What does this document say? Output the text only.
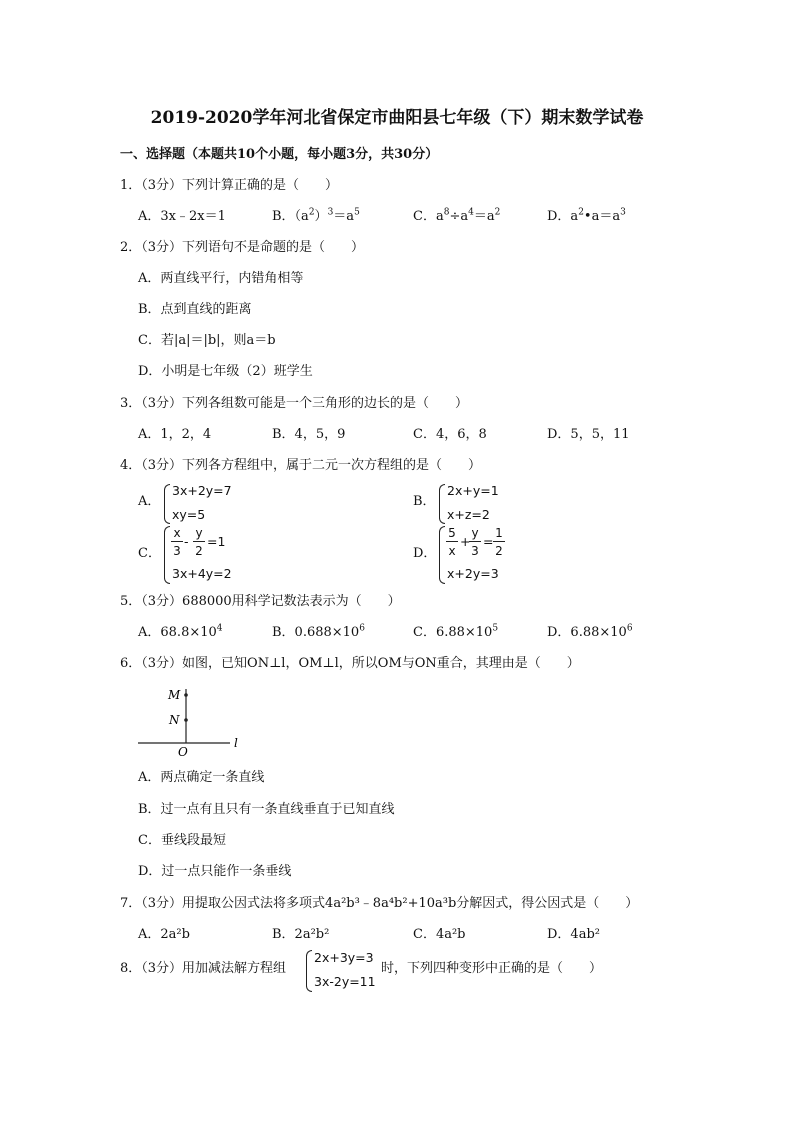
2019-2020学年河北省保定市曲阳县七年级（下）期末数学试卷
一、选择题（本题共10个小题，每小题3分，共30分）
1．（3分）下列计算正确的是（　　）
A．3x﹣2x＝1	B．$(a^2)^3=a^5$	C．$a^8\div a^4=a^2$	D．$a^2•a=a^3$
2．（3分）下列语句不是命题的是（　　）
A．两直线平行，内错角相等
B．点到直线的距离
C．若|a|＝|b|，则a＝b
D．小明是七年级（2）班学生
3．（3分）下列各组数可能是一个三角形的边长的是（　　）
A．1，2，4	B．4，5，9	C．4，6，8	D．5，5，11
4．（3分）下列各方程组中，属于二元一次方程组的是（　　）
A．
3x+2y=7
xy=5
B．
2x+y=1
x+z=2
C． $\frac{x}{3} - \frac{y}{2} =1$
3x+4y=2
D． $\frac{5}{x}$ +
$\frac{y}{3} = \frac{1}{2}$
x+2y=3
5．（3分）688000用科学记数法表示为（　　）
A．$68.8\times 10^4$	B．$0.688\times 10^6$	C．$6.88\times 10^5$	D．$6.88\times 10^6$
6．（3分）如图，已知ON⊥l，OM⊥l，所以OM与ON重合，其理由是（　　）
M
N
O
l
A．两点确定一条直线
B．过一点有且只有一条直线垂直于已知直线
C．垂线段最短
D．过一点只能作一条垂线
7．（3分）用提取公因式法将多项式4a²b³﹣8a⁴b²+10a³b分解因式，得公因式是（　　）
A．2a²b	B．2a²b²	C．4a²b	D．4ab²
8．（3分）用加减法解方程组
2x+3y=3
3x-2y=11
时，下列四种变形中正确的是（　　）
